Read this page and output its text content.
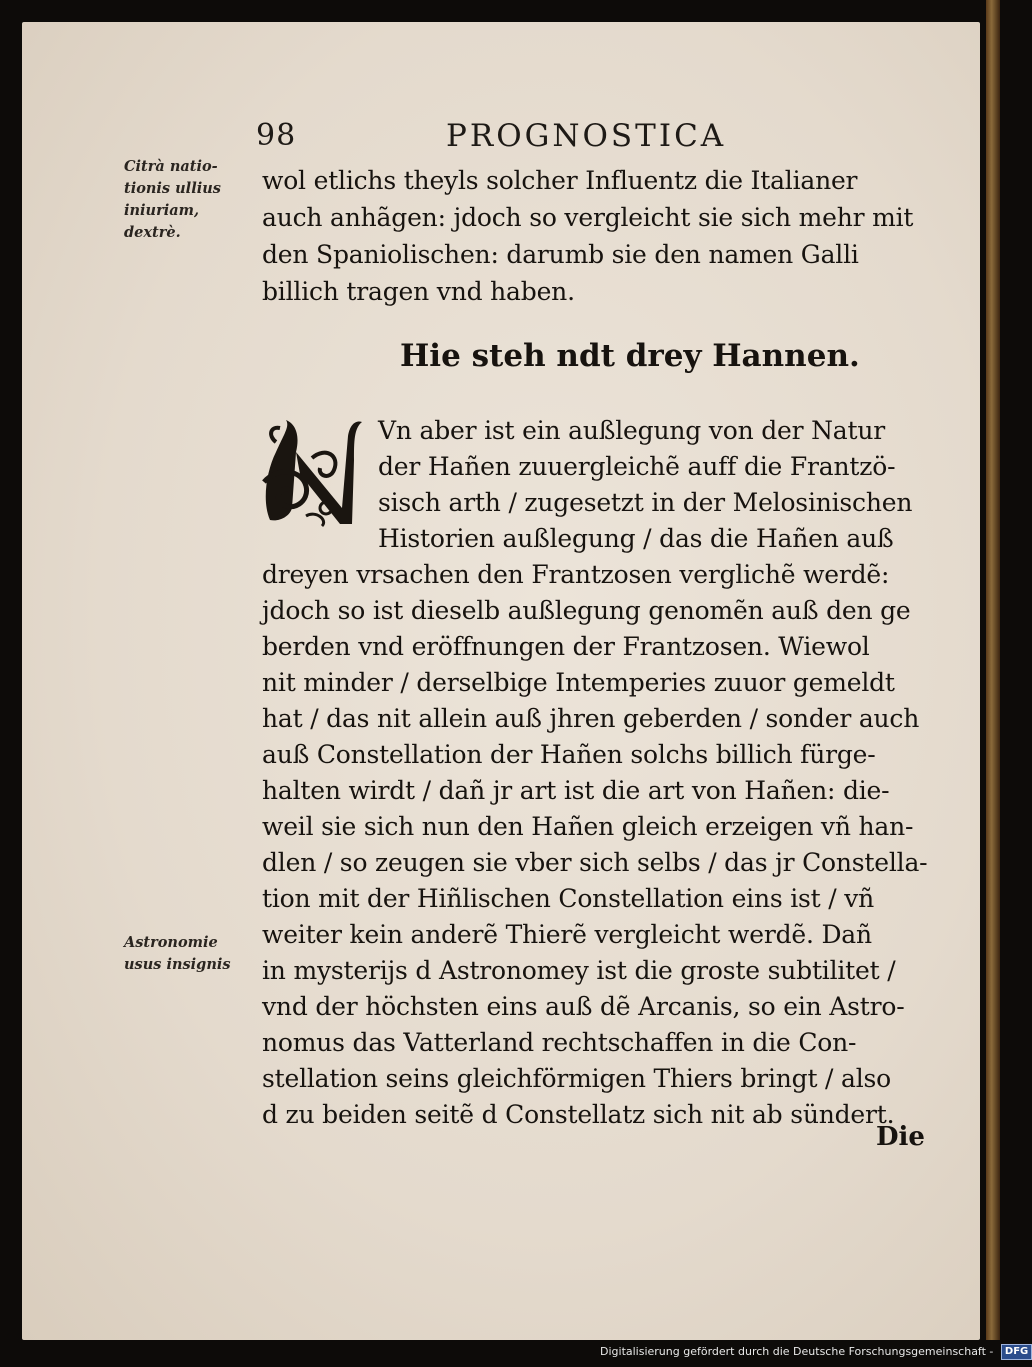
98	PROGNOSTICA
Citrà natio-
tionis ullius
iniuriam,
dextrè.
Astronomie
usus insignis
wol etlichs theyls solcher Influentz die Italianer
auch anhãgen: jdoch so vergleicht sie sich mehr mit
den Spaniolischen: darumb sie den namen Galli
billich tragen vnd haben.
Hie steh ndt drey Hannen.
Vn aber ist ein außlegung von der Natur
der Hañen zuuergleichẽ auff die Frantzö-
sisch arth / zugesetzt in der Melosinischen
Historien außlegung / das die Hañen auß
dreyen vrsachen den Frantzosen verglichẽ werdẽ:
jdoch so ist dieselb außlegung genomẽn auß den ge
berden vnd eröffnungen der Frantzosen. Wiewol
nit minder / derselbige Intemperies zuuor gemeldt
hat / das nit allein auß jhren geberden / sonder auch
auß Constellation der Hañen solchs billich fürge-
halten wirdt / dañ jr art ist die art von Hañen: die-
weil sie sich nun den Hañen gleich erzeigen vñ han-
dlen / so zeugen sie vber sich selbs / das jr Constella-
tion mit der Hiñlischen Constellation eins ist / vñ
weiter kein anderẽ Thierẽ vergleicht werdẽ. Dañ
in mysterijs d Astronomey ist die groste subtilitet /
vnd der höchsten eins auß dẽ Arcanis, so ein Astro-
nomus das Vatterland rechtschaffen in die Con-
stellation seins gleichförmigen Thiers bringt / also
d zu beiden seitẽ d Constellatz sich nit ab sündert.
Die
Digitalisierung gefördert durch die Deutsche Forschungsgemeinschaft - DFG
